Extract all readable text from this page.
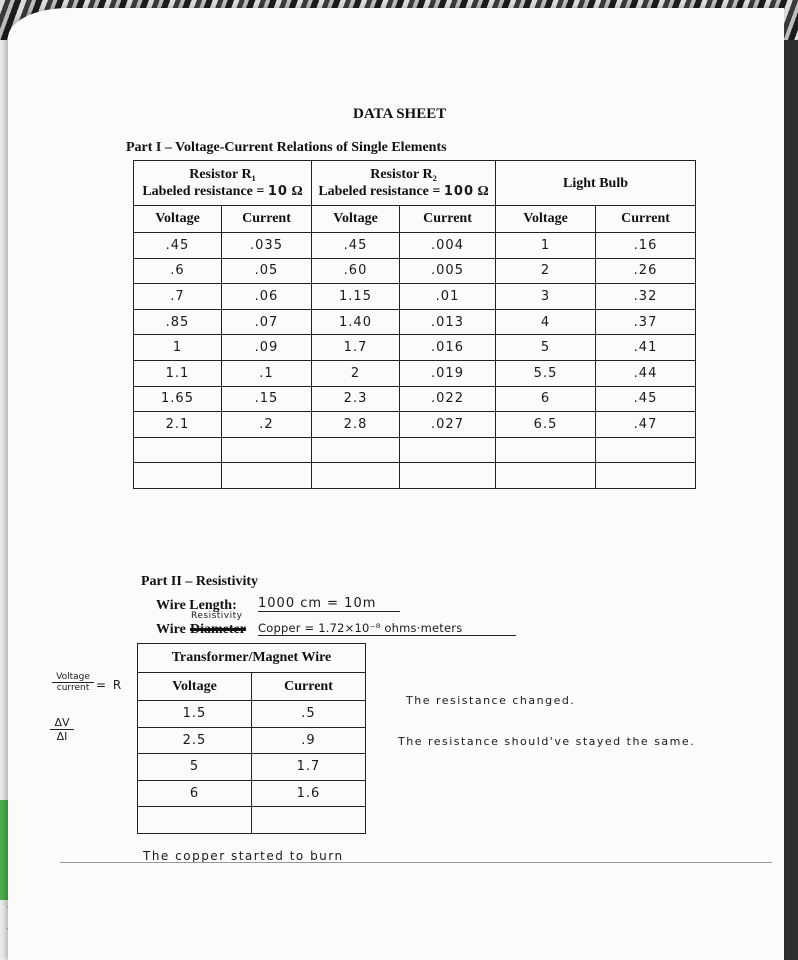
DATA SHEET
Part I – Voltage-Current Relations of Single Elements
Resistor R₁
Labeled resistance = 10 Ω		Resistor R₂
Labeled resistance = 100 Ω		Light Bulb	

Voltage	Current	Voltage	Current	Voltage	Current
.45	.035	.45	.004	1	.16
.6	.05	.60	.005	2	.26
.7	.06	1.15	.01	3	.32
.85	.07	1.40	.013	4	.37
1	.09	1.7	.016	5	.41
1.1	.1	2	.019	5.5	.44
1.65	.15	2.3	.022	6	.45
2.1	.2	2.8	.027	6.5	.47

Part II – Resistivity
Wire Length: 1000 cm = 10m
Wire Diameter
Resistivity
Copper = 1.72×10⁻⁸ ohms·meters
Transformer/Magnet Wire	
Voltage	Current
1.5	.5
2.5	.9
5	1.7
6	1.6

The resistance changed.
The resistance should've stayed the same.
The copper started to burn
Voltage
current = R
$\frac{\Delta V}{\Delta I}$
